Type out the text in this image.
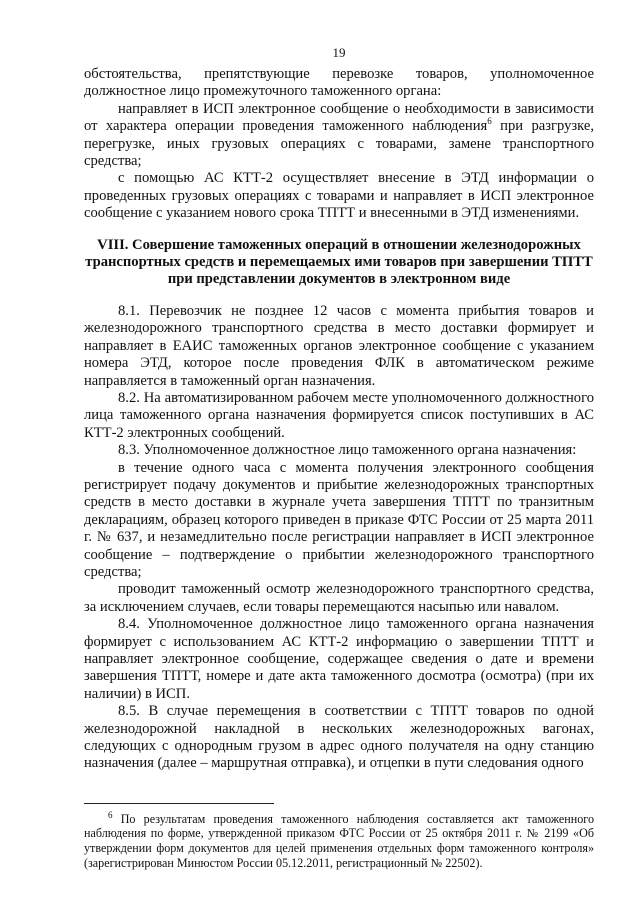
19

обстоятельства, препятствующие перевозке товаров, уполномоченное должностное лицо промежуточного таможенного органа:

направляет в ИСП электронное сообщение о необходимости в зависимости от характера операции проведения таможенного наблюдения$^6$ при разгрузке, перегрузке, иных грузовых операциях с товарами, замене транспортного средства;

с помощью АС КТТ-2 осуществляет внесение в ЭТД информации о проведенных грузовых операциях с товарами и направляет в ИСП электронное сообщение с указанием нового срока ТПТТ и внесенными в ЭТД изменениями.

VIII. Совершение таможенных операций в отношении железнодорожных транспортных средств и перемещаемых ими товаров при завершении ТПТТ при представлении документов в электронном виде

8.1. Перевозчик не позднее 12 часов с момента прибытия товаров и железнодорожного транспортного средства в место доставки формирует и направляет в ЕАИС таможенных органов электронное сообщение с указанием номера ЭТД, которое после проведения ФЛК в автоматическом режиме направляется в таможенный орган назначения.

8.2. На автоматизированном рабочем месте уполномоченного должностного лица таможенного органа назначения формируется список поступивших в АС КТТ-2 электронных сообщений.

8.3. Уполномоченное должностное лицо таможенного органа назначения:

в течение одного часа с момента получения электронного сообщения регистрирует подачу документов и прибытие железнодорожных транспортных средств в место доставки в журнале учета завершения ТПТТ по транзитным декларациям, образец которого приведен в приказе ФТС России от 25 марта 2011 г. № 637, и незамедлительно после регистрации направляет в ИСП электронное сообщение – подтверждение о прибытии железнодорожного транспортного средства;

проводит таможенный осмотр железнодорожного транспортного средства, за исключением случаев, если товары перемещаются насыпью или навалом.

8.4. Уполномоченное должностное лицо таможенного органа назначения формирует с использованием АС КТТ-2 информацию о завершении ТПТТ и направляет электронное сообщение, содержащее сведения о дате и времени завершения ТПТТ, номере и дате акта таможенного досмотра (осмотра) (при их наличии) в ИСП.

8.5. В случае перемещения в соответствии с ТПТТ товаров по одной железнодорожной накладной в нескольких железнодорожных вагонах, следующих с однородным грузом в адрес одного получателя на одну станцию назначения (далее – маршрутная отправка), и отцепки в пути следования одного

$^6$ По результатам проведения таможенного наблюдения составляется акт таможенного наблюдения по форме, утвержденной приказом ФТС России от 25 октября 2011 г. № 2199 «Об утверждении форм документов для целей применения отдельных форм таможенного контроля» (зарегистрирован Минюстом России 05.12.2011, регистрационный № 22502).
